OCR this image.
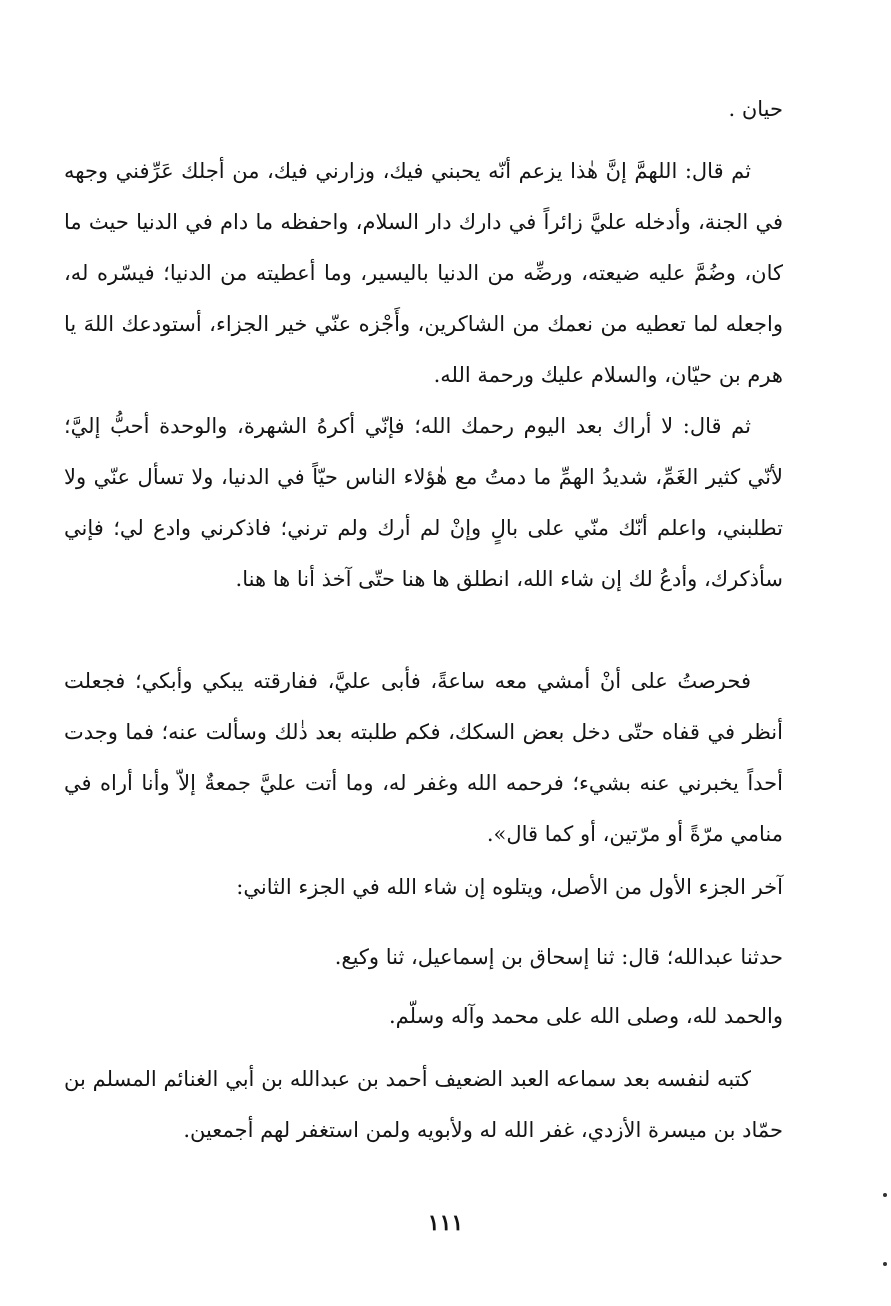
حيان .

ثم قال: اللهمَّ إنَّ هٰذا يزعم أنّه يحبني فيك، وزارني فيك، من أجلك عَرِّفني وجهه في الجنة، وأدخله عليَّ زائراً في دارك دار السلام، واحفظه ما دام في الدنيا حيث ما كان، وضُمَّ عليه ضيعته، ورضِّه من الدنيا باليسير، وما أعطيته من الدنيا؛ فيسّره له، واجعله لما تعطيه من نعمك من الشاكرين، وأَجْزه عنّي خير الجزاء، أستودعك اللهَ يا هرم بن حيّان، والسلام عليك ورحمة الله.

ثم قال: لا أراك بعد اليوم رحمك الله؛ فإنّي أكرهُ الشهرة، والوحدة أحبُّ إليَّ؛ لأنّي كثير الغَمِّ، شديدُ الهمِّ ما دمتُ مع هٰؤلاء الناس حيّاً في الدنيا، ولا تسأل عنّي ولا تطلبني، واعلم أنّك منّي على بالٍ وإنْ لم أرك ولم ترني؛ فاذكرني وادع لي؛ فإني سأذكرك، وأدعُ لك إن شاء الله، انطلق ها هنا حتّى آخذ أنا ها هنا.

فحرصتُ على أنْ أمشي معه ساعةً، فأبى عليَّ، ففارقته يبكي وأبكي؛ فجعلت أنظر في قفاه حتّى دخل بعض السكك، فكم طلبته بعد ذٰلك وسألت عنه؛ فما وجدت أحداً يخبرني عنه بشيء؛ فرحمه الله وغفر له، وما أتت عليَّ جمعةٌ إلاّ وأنا أراه في منامي مرّةً أو مرّتين، أو كما قال».

آخر الجزء الأول من الأصل، ويتلوه إن شاء الله في الجزء الثاني:

حدثنا عبدالله؛ قال: ثنا إسحاق بن إسماعيل، ثنا وكيع.

والحمد لله، وصلى الله على محمد وآله وسلّم.

كتبه لنفسه بعد سماعه العبد الضعيف أحمد بن عبدالله بن أبي الغنائم المسلم بن حمّاد بن ميسرة الأزدي، غفر الله له ولأبويه ولمن استغفر لهم أجمعين.

١١١
